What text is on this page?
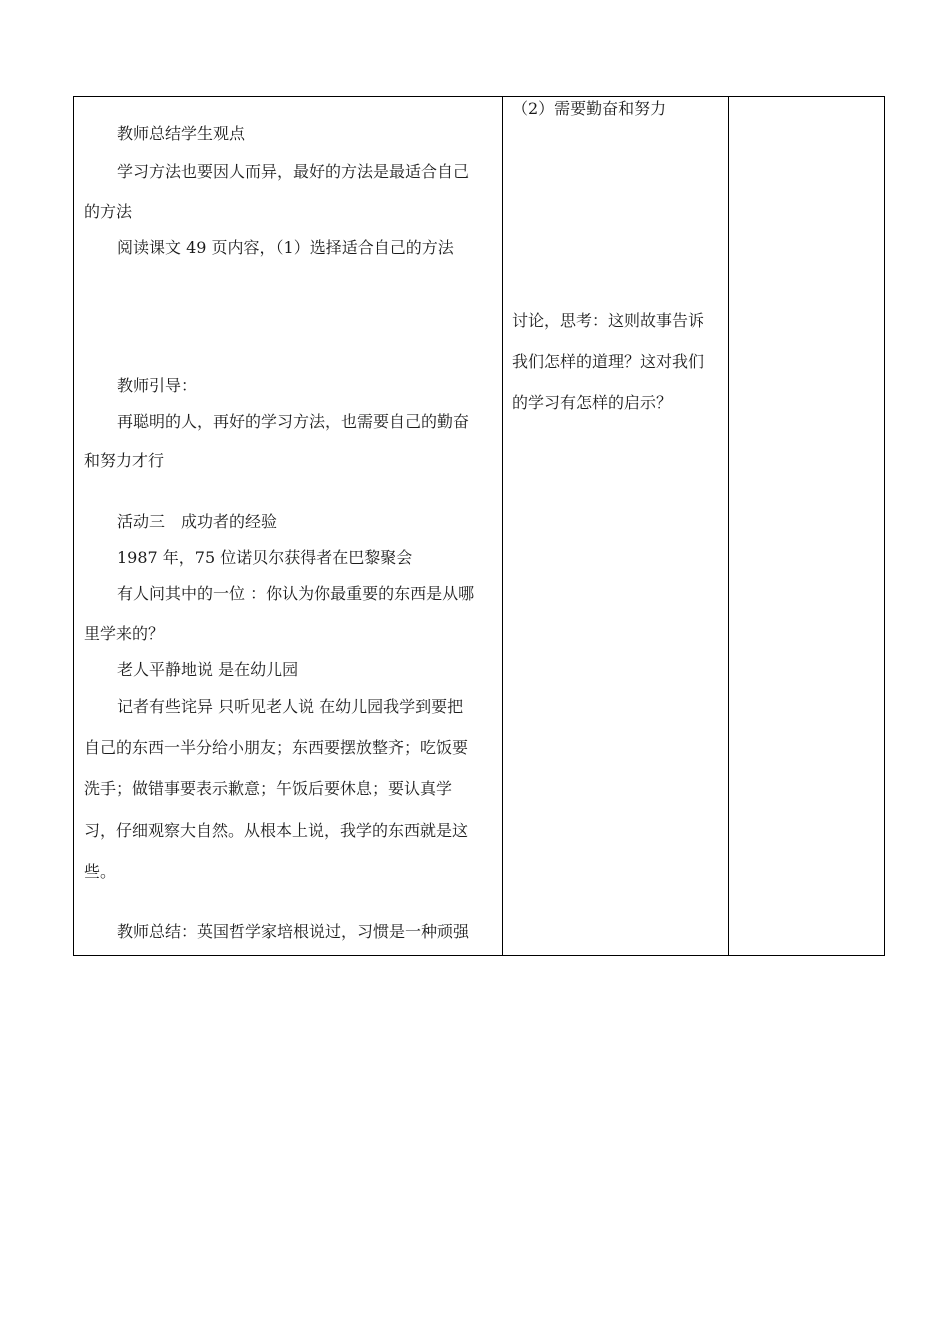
教师总结学生观点
学习方法也要因人而异，最好的方法是最适合自己
的方法
阅读课文 49 页内容，（1）选择适合自己的方法
教师引导：
再聪明的人，再好的学习方法，也需要自己的勤奋
和努力才行
活动三　成功者的经验
1987 年，75 位诺贝尔获得者在巴黎聚会
有人问其中的一位 ：你认为你最重要的东西是从哪
里学来的？
老人平静地说 是在幼儿园
记者有些诧异 只听见老人说 在幼儿园我学到要把
自己的东西一半分给小朋友；东西要摆放整齐；吃饭要
洗手；做错事要表示歉意；午饭后要休息；要认真学
习，仔细观察大自然。从根本上说，我学的东西就是这
些。
教师总结：英国哲学家培根说过，习惯是一种顽强
（2）需要勤奋和努力
讨论，思考：这则故事告诉
我们怎样的道理？这对我们
的学习有怎样的启示？
